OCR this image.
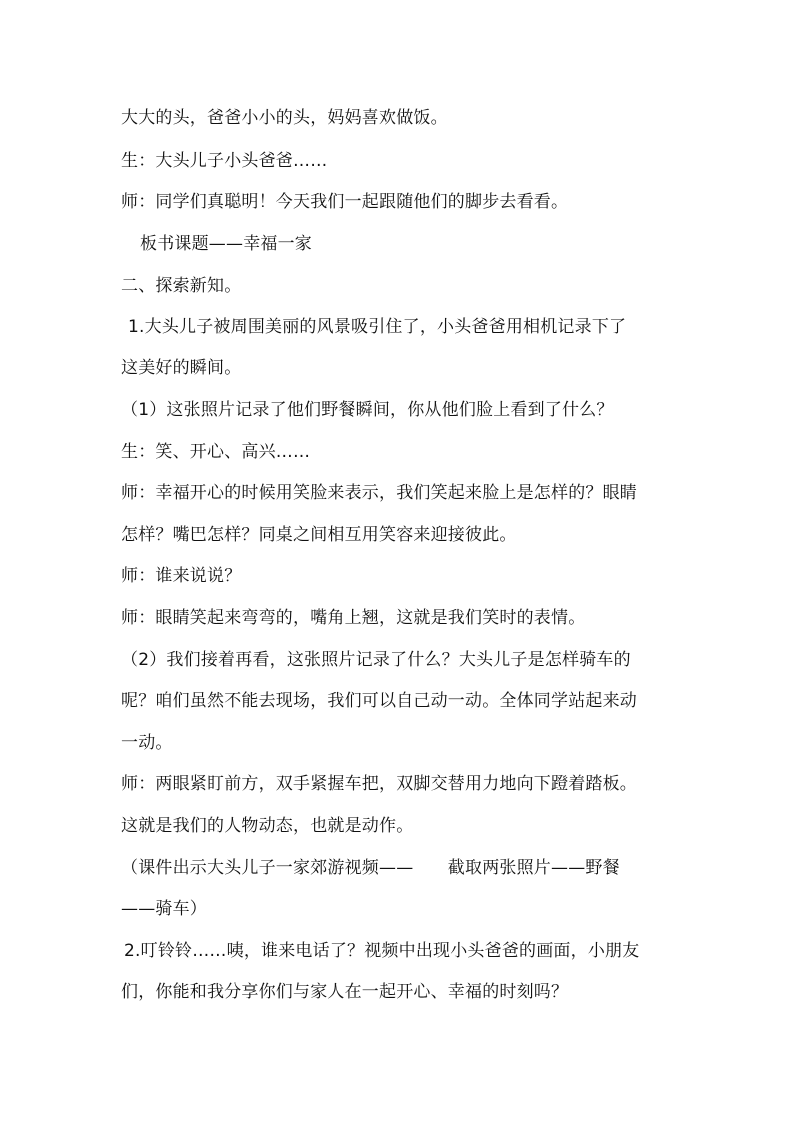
大大的头，爸爸小小的头，妈妈喜欢做饭。
生：大头儿子小头爸爸……
师：同学们真聪明！今天我们一起跟随他们的脚步去看看。
板书课题——幸福一家
二、探索新知。
1.大头儿子被周围美丽的风景吸引住了，小头爸爸用相机记录下了
这美好的瞬间。
（1）这张照片记录了他们野餐瞬间，你从他们脸上看到了什么？
生：笑、开心、高兴……
师：幸福开心的时候用笑脸来表示，我们笑起来脸上是怎样的？眼睛
怎样？嘴巴怎样？同桌之间相互用笑容来迎接彼此。
师：谁来说说？
师：眼睛笑起来弯弯的，嘴角上翘，这就是我们笑时的表情。
（2）我们接着再看，这张照片记录了什么？大头儿子是怎样骑车的
呢？咱们虽然不能去现场，我们可以自己动一动。全体同学站起来动
一动。
师：两眼紧盯前方，双手紧握车把，双脚交替用力地向下蹬着踏板。
这就是我们的人物动态，也就是动作。
（课件出示大头儿子一家郊游视频——　　截取两张照片——野餐
——骑车）
2.叮铃铃……咦，谁来电话了？视频中出现小头爸爸的画面，小朋友
们，你能和我分享你们与家人在一起开心、幸福的时刻吗？
